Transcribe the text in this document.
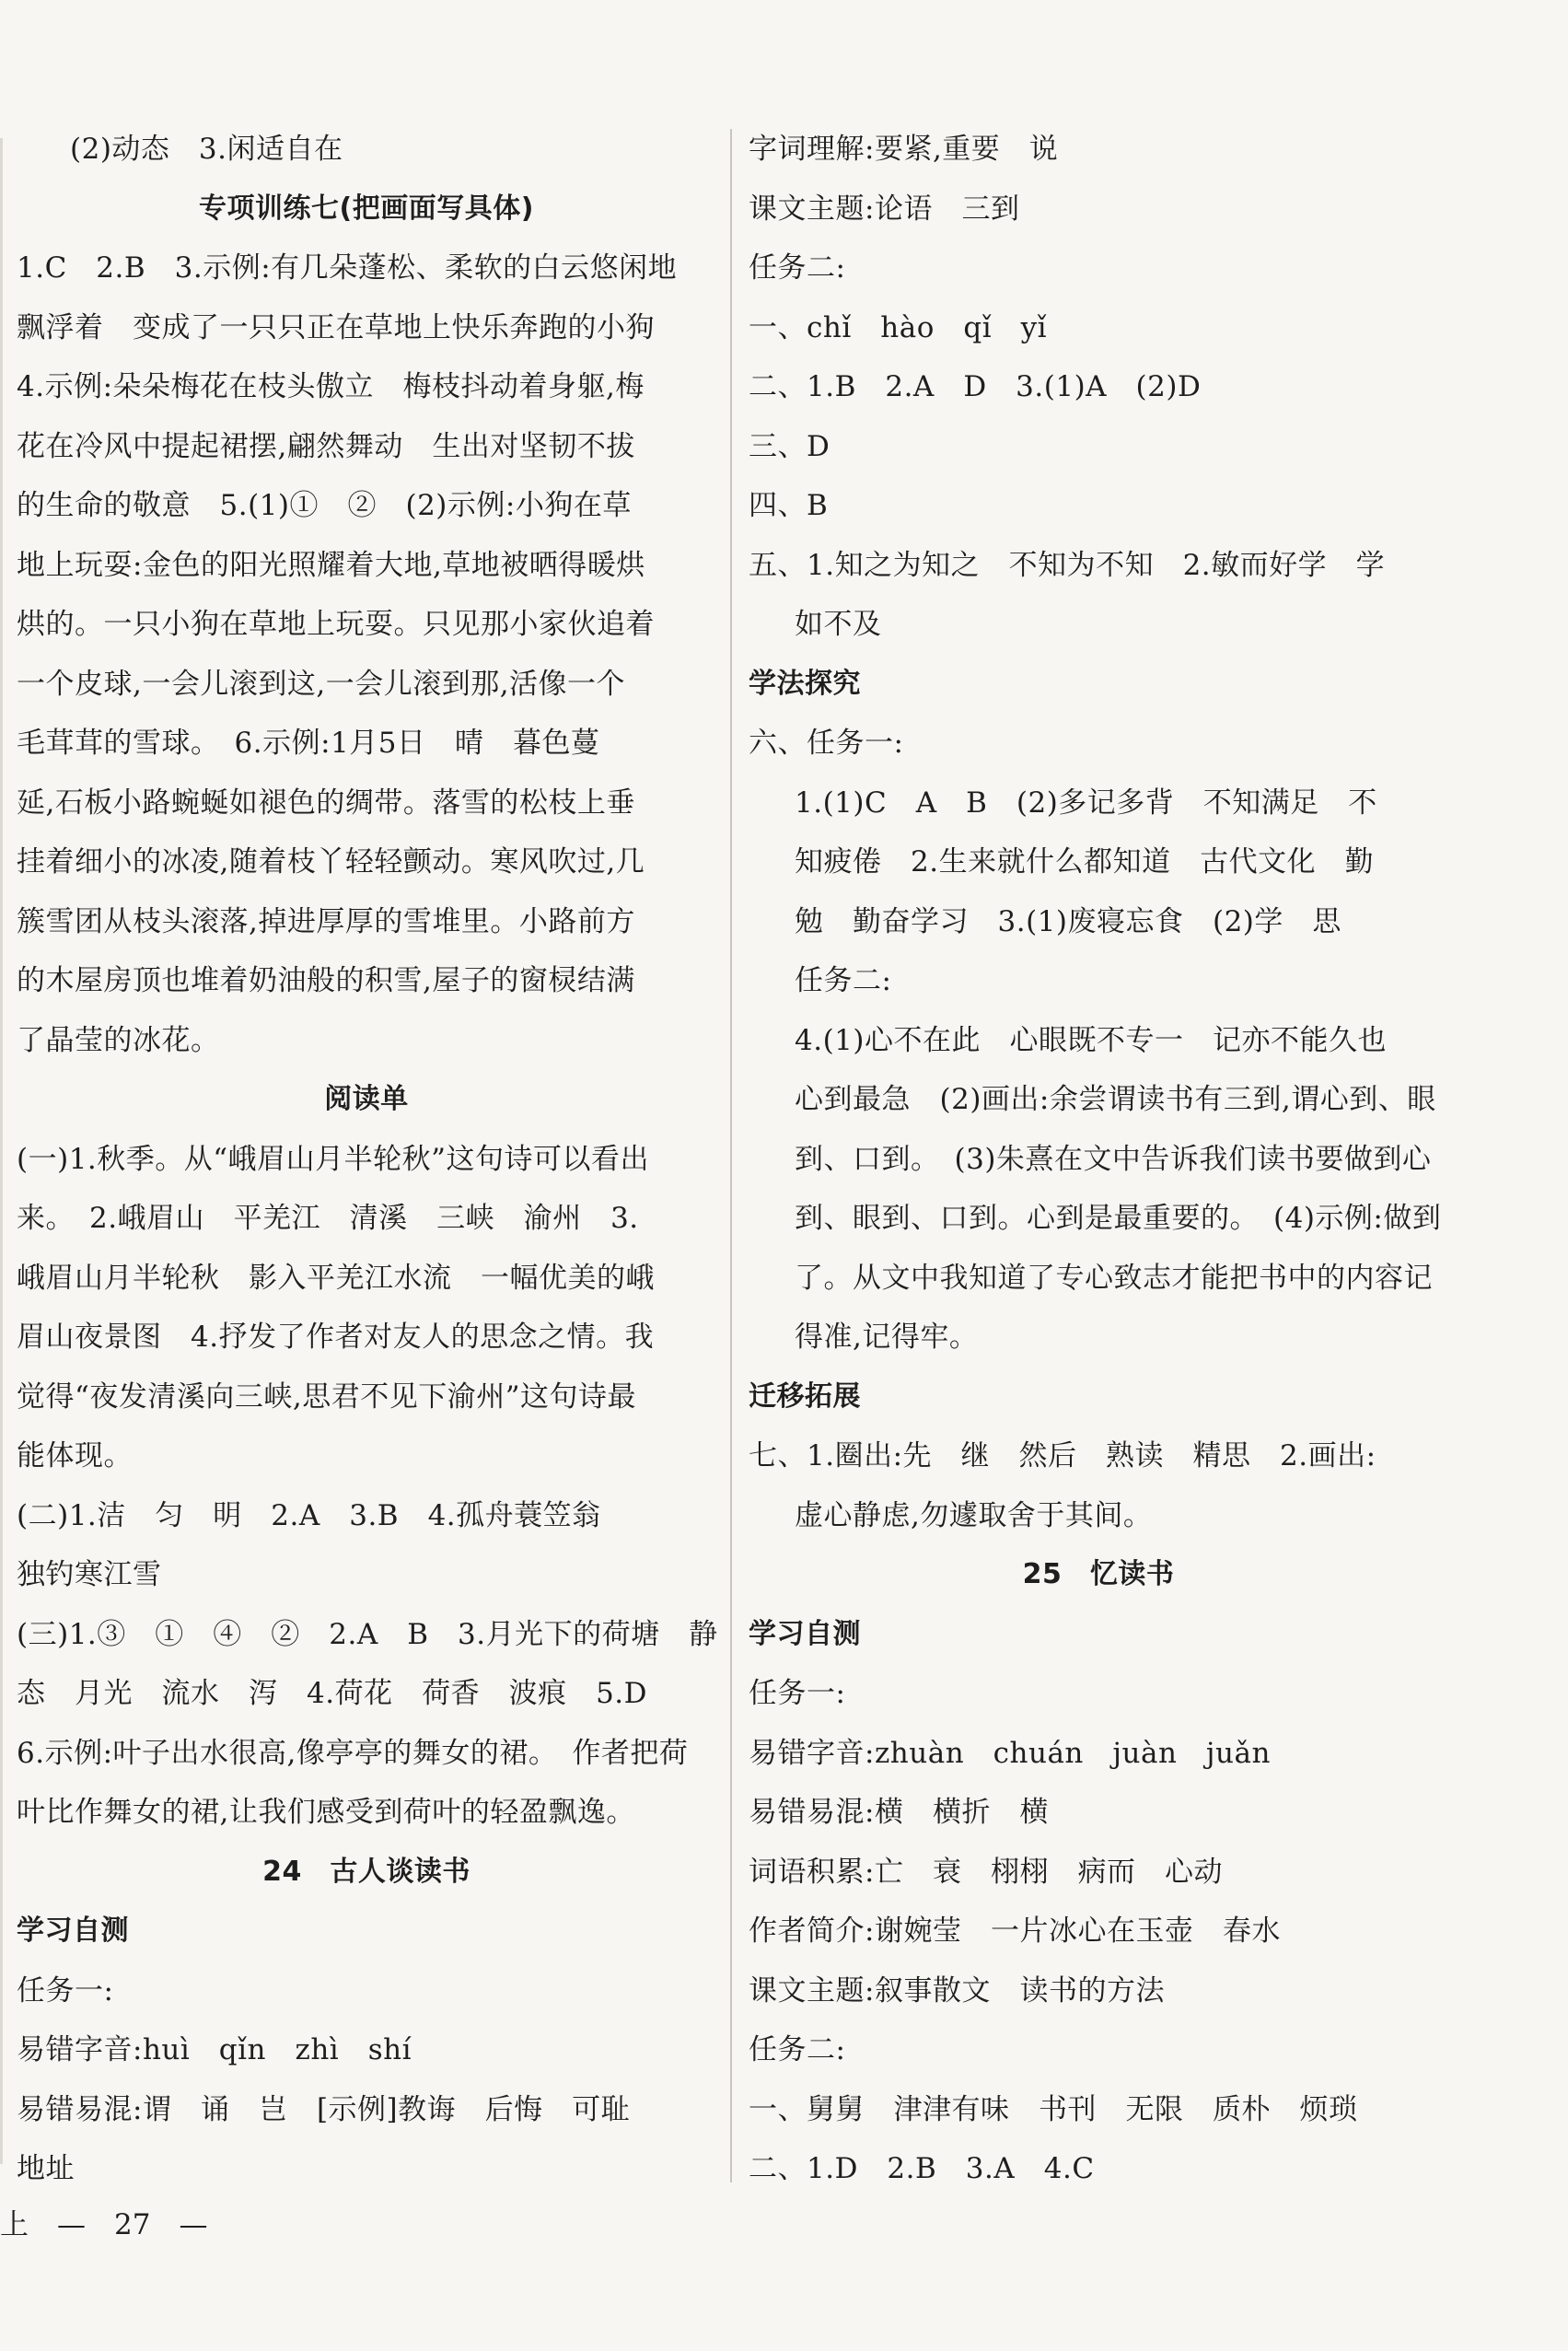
(2)动态　3.闲适自在
专项训练七(把画面写具体)
1.C　2.B　3.示例:有几朵蓬松、柔软的白云悠闲地
飘浮着　变成了一只只正在草地上快乐奔跑的小狗
4.示例:朵朵梅花在枝头傲立　梅枝抖动着身躯,梅
花在冷风中提起裙摆,翩然舞动　生出对坚韧不拔
的生命的敬意　5.(1)①　②　(2)示例:小狗在草
地上玩耍:金色的阳光照耀着大地,草地被晒得暖烘
烘的。一只小狗在草地上玩耍。只见那小家伙追着
一个皮球,一会儿滚到这,一会儿滚到那,活像一个
毛茸茸的雪球。　6.示例:1月5日　晴　暮色蔓
延,石板小路蜿蜒如褪色的绸带。落雪的松枝上垂
挂着细小的冰凌,随着枝丫轻轻颤动。寒风吹过,几
簇雪团从枝头滚落,掉进厚厚的雪堆里。小路前方
的木屋房顶也堆着奶油般的积雪,屋子的窗棂结满
了晶莹的冰花。
阅读单
(一)1.秋季。从“峨眉山月半轮秋”这句诗可以看出
来。　2.峨眉山　平羌江　清溪　三峡　渝州　3.
峨眉山月半轮秋　影入平羌江水流　一幅优美的峨
眉山夜景图　4.抒发了作者对友人的思念之情。我
觉得“夜发清溪向三峡,思君不见下渝州”这句诗最
能体现。
(二)1.洁　匀　明　2.A　3.B　4.孤舟蓑笠翁
独钓寒江雪
(三)1.③　①　④　②　2.A　B　3.月光下的荷塘　静
态　月光　流水　泻　4.荷花　荷香　波痕　5.D
6.示例:叶子出水很高,像亭亭的舞女的裙。　作者把荷
叶比作舞女的裙,让我们感受到荷叶的轻盈飘逸。
24　古人谈读书
学习自测
任务一:
易错字音:huì　qǐn　zhì　shí
易错易混:谓　诵　岂　[示例]教诲　后悔　可耻
地址
字词理解:要紧,重要　说
课文主题:论语　三到
任务二:
一、chǐ　hào　qǐ　yǐ
二、1.B　2.A　D　3.(1)A　(2)D
三、D
四、B
五、1.知之为知之　不知为不知　2.敏而好学　学
如不及
学法探究
六、任务一:
1.(1)C　A　B　(2)多记多背　不知满足　不
知疲倦　2.生来就什么都知道　古代文化　勤
勉　勤奋学习　3.(1)废寝忘食　(2)学　思
任务二:
4.(1)心不在此　心眼既不专一　记亦不能久也
心到最急　(2)画出:余尝谓读书有三到,谓心到、眼
到、口到。　(3)朱熹在文中告诉我们读书要做到心
到、眼到、口到。心到是最重要的。　(4)示例:做到
了。从文中我知道了专心致志才能把书中的内容记
得准,记得牢。
迁移拓展
七、1.圈出:先　继　然后　熟读　精思　2.画出:
虚心静虑,勿遽取舍于其间。
25　忆读书
学习自测
任务一:
易错字音:zhuàn　chuán　juàn　juǎn
易错易混:横　横折　横
词语积累:亡　衰　栩栩　病而　心动
作者简介:谢婉莹　一片冰心在玉壶　春水
课文主题:叙事散文　读书的方法
任务二:
一、舅舅　津津有味　书刊　无限　质朴　烦琐
二、1.D　2.B　3.A　4.C
上　—　27　—
